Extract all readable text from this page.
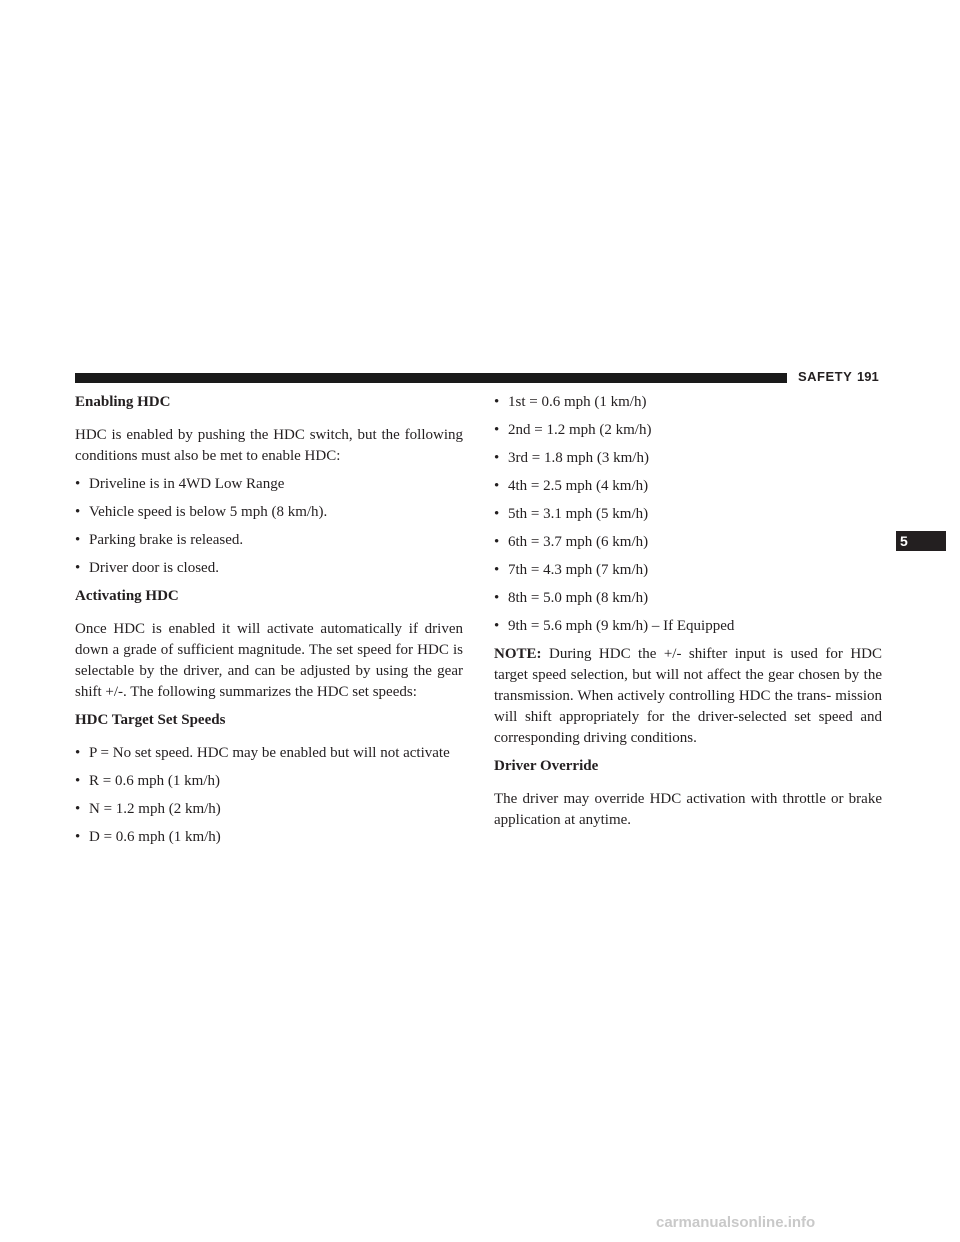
SAFETY 191
5

Enabling HDC

HDC is enabled by pushing the HDC switch, but the following conditions must also be met to enable HDC:

• Driveline is in 4WD Low Range
• Vehicle speed is below 5 mph (8 km/h).
• Parking brake is released.
• Driver door is closed.

Activating HDC

Once HDC is enabled it will activate automatically if driven down a grade of sufficient magnitude. The set speed for HDC is selectable by the driver, and can be adjusted by using the gear shift +/-. The following summarizes the HDC set speeds:

HDC Target Set Speeds

• P = No set speed. HDC may be enabled but will not activate
• R = 0.6 mph (1 km/h)
• N = 1.2 mph (2 km/h)
• D = 0.6 mph (1 km/h)
• 1st = 0.6 mph (1 km/h)
• 2nd = 1.2 mph (2 km/h)
• 3rd = 1.8 mph (3 km/h)
• 4th = 2.5 mph (4 km/h)
• 5th = 3.1 mph (5 km/h)
• 6th = 3.7 mph (6 km/h)
• 7th = 4.3 mph (7 km/h)
• 8th = 5.0 mph (8 km/h)
• 9th = 5.6 mph (9 km/h) – If Equipped

NOTE: During HDC the +/- shifter input is used for HDC target speed selection, but will not affect the gear chosen by the transmission. When actively controlling HDC the trans- mission will shift appropriately for the driver-selected set speed and corresponding driving conditions.

Driver Override

The driver may override HDC activation with throttle or brake application at anytime.

carmanualsonline.info
